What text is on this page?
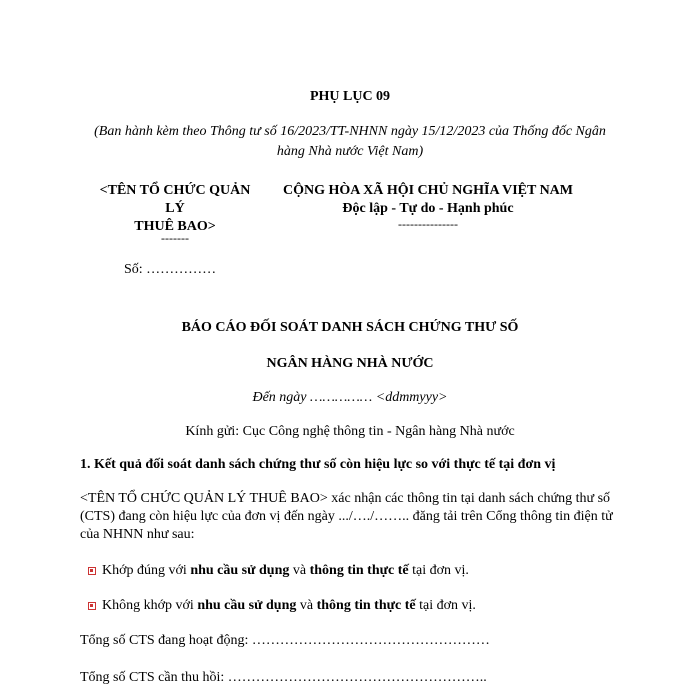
PHỤ LỤC 09
(Ban hành kèm theo Thông tư số 16/2023/TT-NHNN ngày 15/12/2023 của Thống đốc Ngân hàng Nhà nước Việt Nam)
<TÊN TỔ CHỨC QUẢN
LÝ
THUÊ BAO>
-------
Số: ……………
CỘNG HÒA XÃ HỘI CHỦ NGHĨA VIỆT NAM
Độc lập - Tự do - Hạnh phúc
---------------
BÁO CÁO ĐỐI SOÁT DANH SÁCH CHỨNG THƯ SỐ
NGÂN HÀNG NHÀ NƯỚC
Đến ngày …………… <ddmmyyy>
Kính gửi: Cục Công nghệ thông tin - Ngân hàng Nhà nước
1. Kết quả đối soát danh sách chứng thư số còn hiệu lực so với thực tế tại đơn vị
<TÊN TỔ CHỨC QUẢN LÝ THUÊ BAO> xác nhận các thông tin tại danh sách chứng thư số (CTS) đang còn hiệu lực của đơn vị đến ngày .../…./…….. đăng tải trên Cổng thông tin điện tử của NHNN như sau:
Khớp đúng với nhu cầu sử dụng và thông tin thực tế tại đơn vị.
Không khớp với nhu cầu sử dụng và thông tin thực tế tại đơn vị.
Tổng số CTS đang hoạt động: ……………………………………………
Tổng số CTS cần thu hồi: ………………………………………………..
